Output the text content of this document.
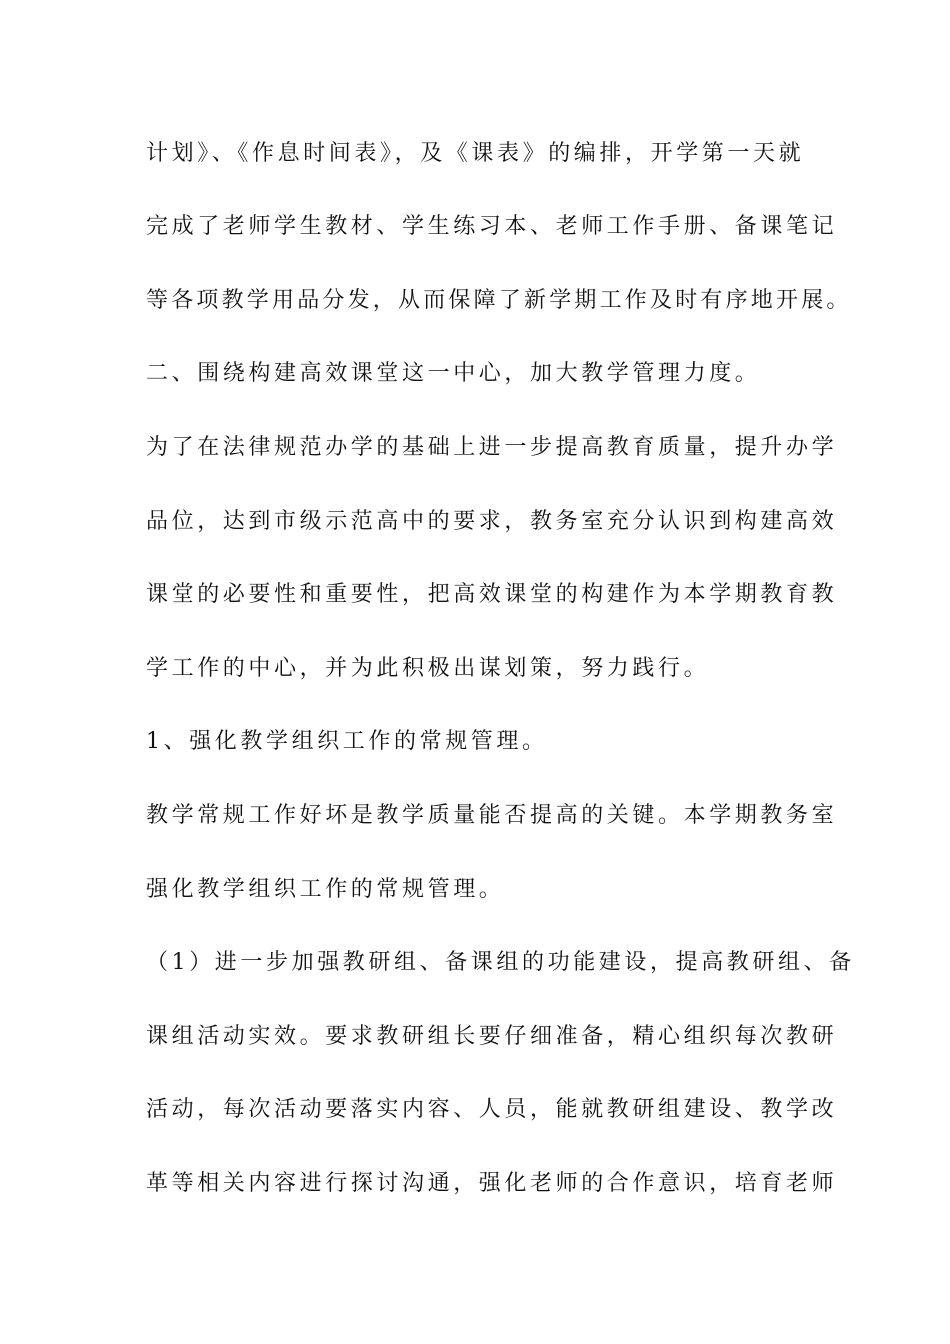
计划》、《作息时间表》，及《课表》的编排，开学第一天就
完成了老师学生教材、学生练习本、老师工作手册、备课笔记
等各项教学用品分发，从而保障了新学期工作及时有序地开展。
二、围绕构建高效课堂这一中心，加大教学管理力度。
为了在法律规范办学的基础上进一步提高教育质量，提升办学
品位，达到市级示范高中的要求，教务室充分认识到构建高效
课堂的必要性和重要性，把高效课堂的构建作为本学期教育教
学工作的中心，并为此积极出谋划策，努力践行。
1、强化教学组织工作的常规管理。
教学常规工作好坏是教学质量能否提高的关键。本学期教务室
强化教学组织工作的常规管理。
（1）进一步加强教研组、备课组的功能建设，提高教研组、备
课组活动实效。要求教研组长要仔细准备，精心组织每次教研
活动，每次活动要落实内容、人员，能就教研组建设、教学改
革等相关内容进行探讨沟通，强化老师的合作意识，培育老师
